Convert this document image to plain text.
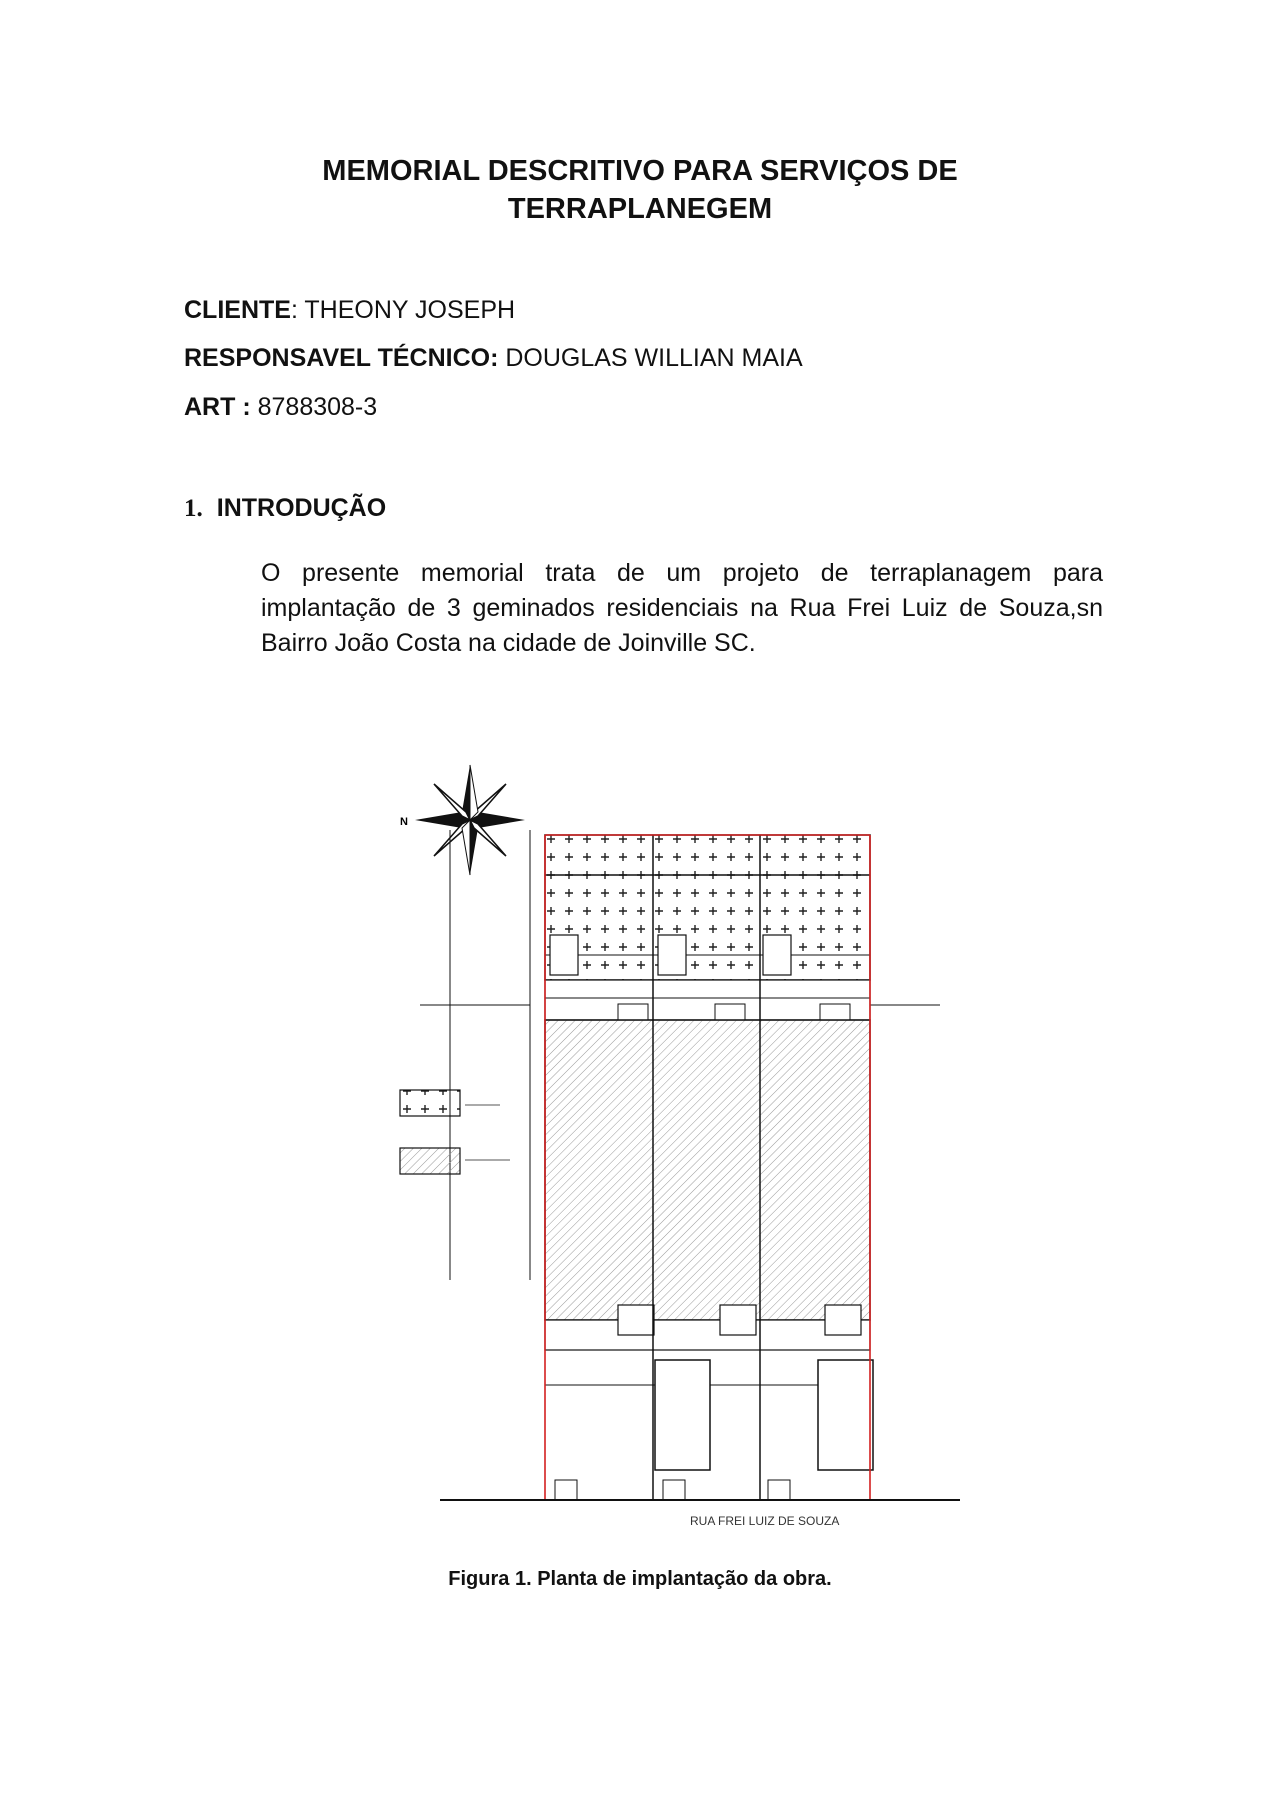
MEMORIAL DESCRITIVO PARA SERVIÇOS DE
TERRAPLANEGEM
CLIENTE: THEONY JOSEPH
RESPONSAVEL TÉCNICO: DOUGLAS WILLIAN MAIA
ART : 8788308-3
1. INTRODUÇÃO
O presente memorial trata de um projeto de terraplanagem para implantação de 3 geminados residenciais na Rua Frei Luiz de Souza,sn Bairro João Costa na cidade de Joinville SC.
N
RUA FREI LUIZ DE SOUZA
Figura 1. Planta de implantação da obra.
